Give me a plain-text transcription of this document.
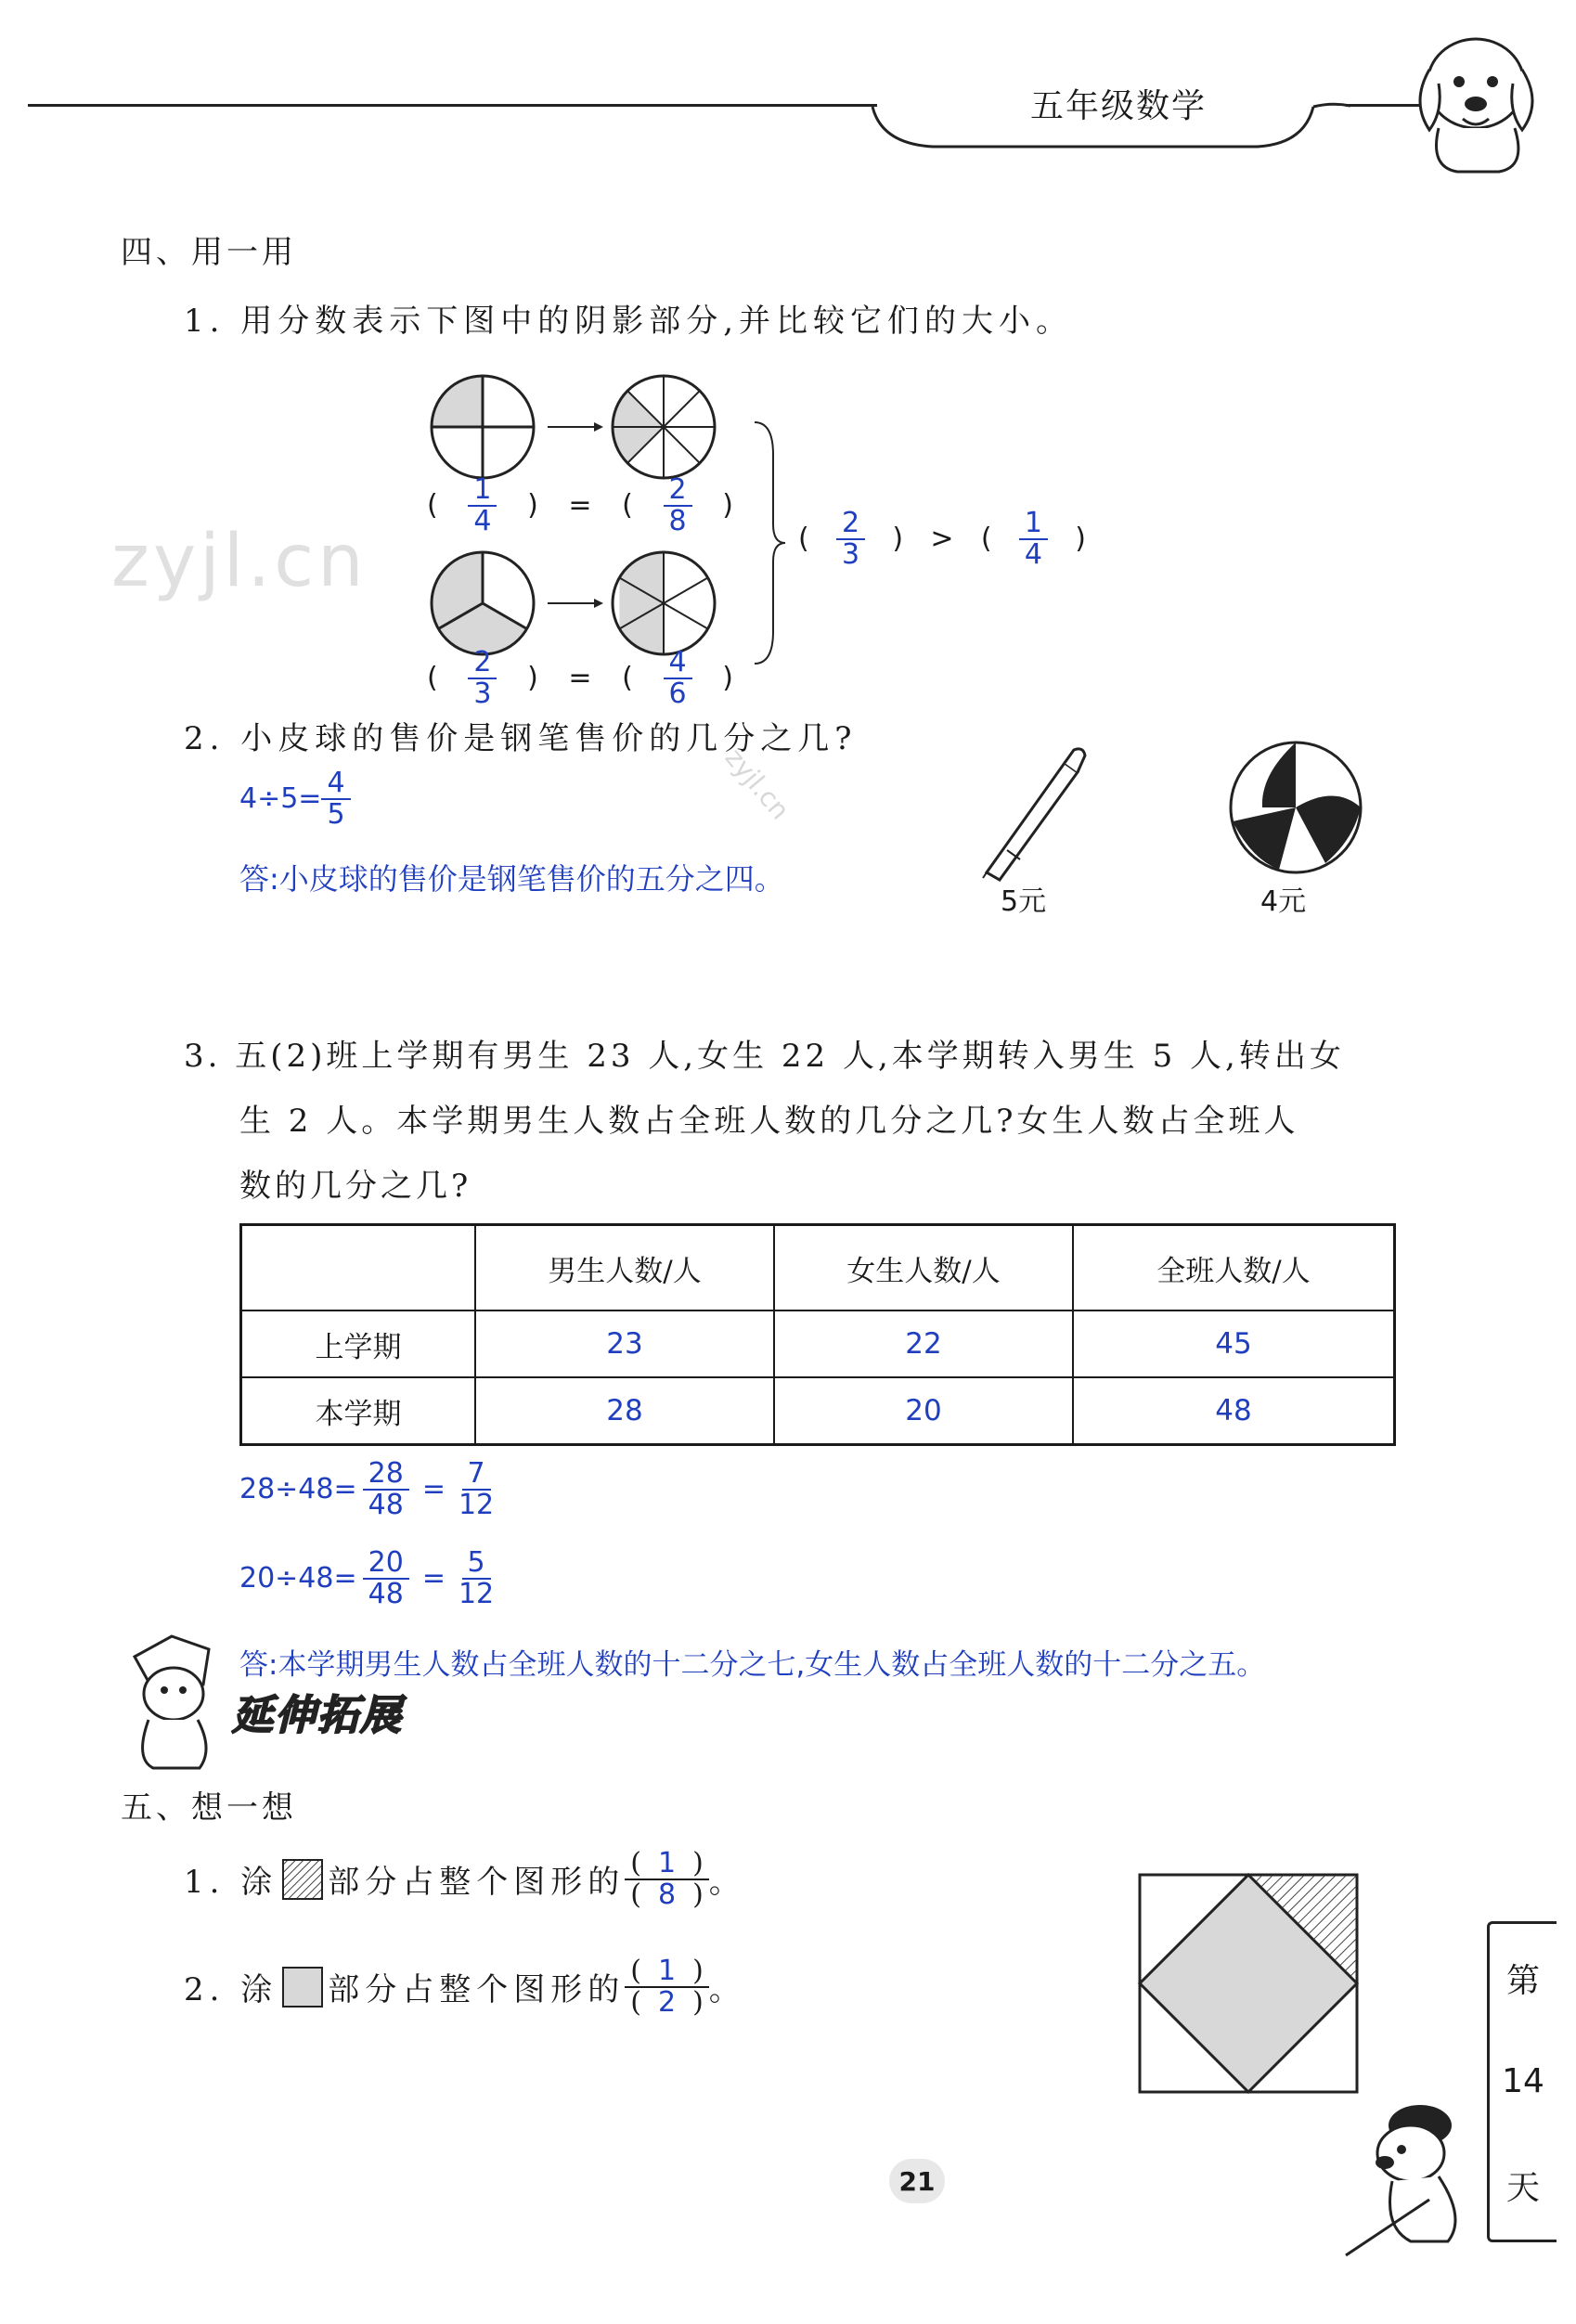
五年级数学
zyjl.cn
zyjl.cn
四、用一用
1. 用分数表示下图中的阴影部分,并比较它们的大小。
( $\frac{1}{4}$ ) = ( $\frac{2}{8}$ )
( $\frac{2}{3}$ ) = ( $\frac{4}{6}$ )
( $\frac{2}{3}$ ) > ( $\frac{1}{4}$ )
2. 小皮球的售价是钢笔售价的几分之几?
$4\div 5= \frac{4}{5}$
答:小皮球的售价是钢笔售价的五分之四。
5元	4元
3. 五(2)班上学期有男生 23 人,女生 22 人,本学期转入男生 5 人,转出女
生 2 人。本学期男生人数占全班人数的几分之几?女生人数占全班人
数的几分之几?
	男生人数/人	女生人数/人	全班人数/人
上学期	23	22	45
本学期	28	20	48
$28\div 48= \frac{28}{48} = \frac{7}{12}$
$20\div 48= \frac{20}{48} = \frac{5}{12}$
答:本学期男生人数占全班人数的十二分之七,女生人数占全班人数的十二分之五。
延伸拓展
五、想一想
1. 涂 部分占整个图形的 $\frac{( 1 )}{( 8 )}$ 。
2. 涂 部分占整个图形的 $\frac{( 1 )}{( 2 )}$ 。	第
14
天
21
